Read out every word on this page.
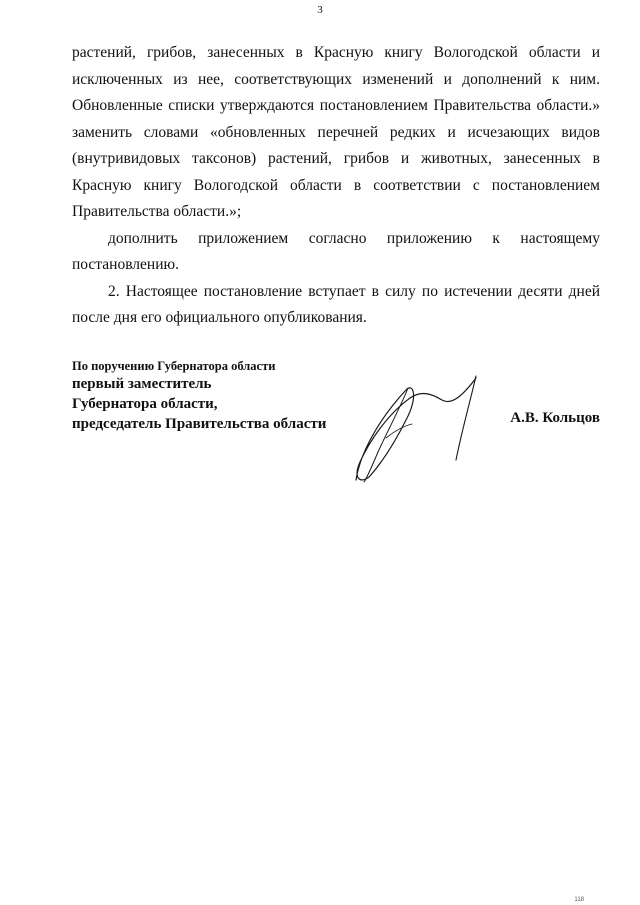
3

растений, грибов, занесенных в Красную книгу Вологодской области и исключенных из нее, соответствующих изменений и дополнений к ним. Обновленные списки утверждаются постановлением Правительства области.» заменить словами «обновленных перечней редких и исчезающих видов (внутривидовых таксонов) растений, грибов и животных, занесенных в Красную книгу Вологодской области в соответствии с постановлением Правительства области.»;

дополнить приложением согласно приложению к настоящему постановлению.

2. Настоящее постановление вступает в силу по истечении десяти дней после дня его официального опубликования.

По поручению Губернатора области
первый заместитель
Губернатора области,
председатель Правительства области	А.В. Кольцов
118
